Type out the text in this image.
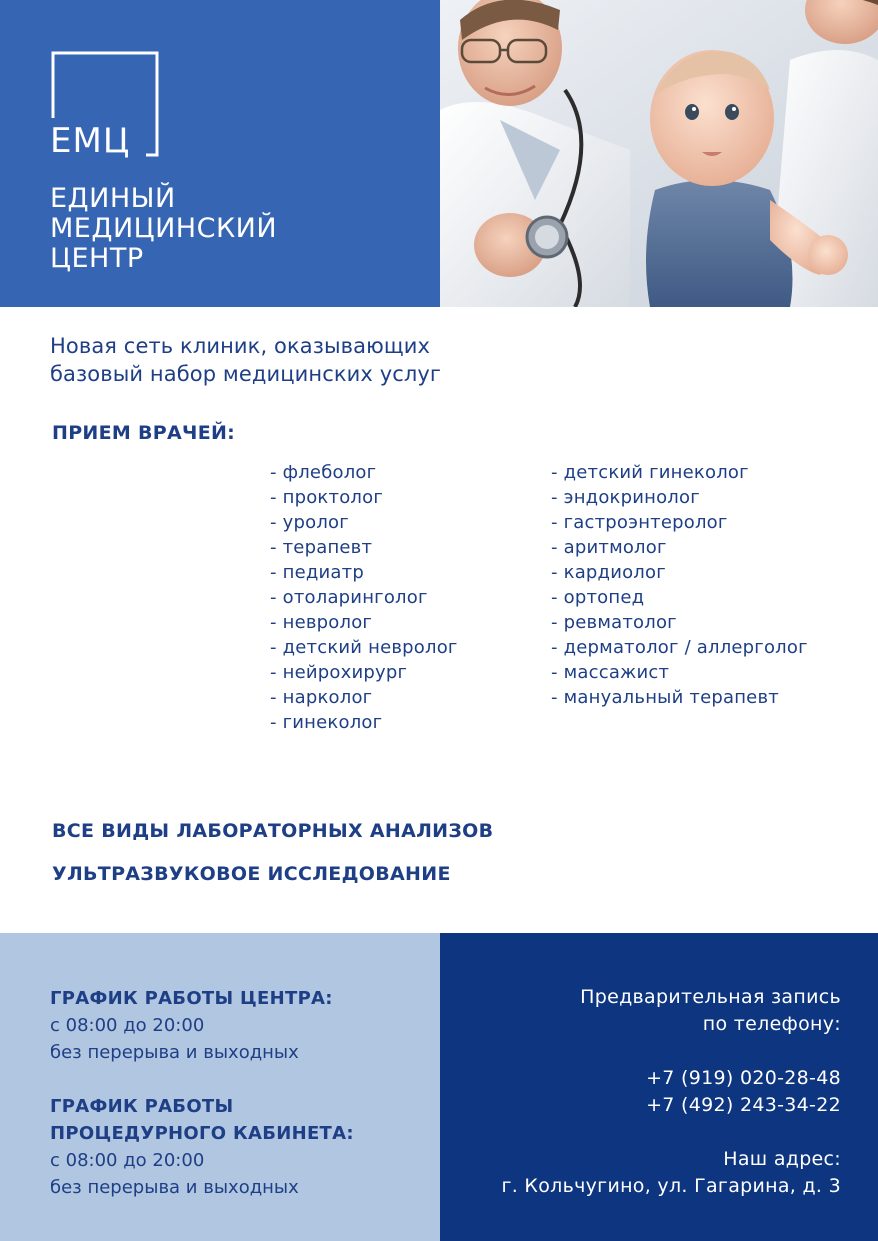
ЕМЦ
ЕДИНЫЙ
МЕДИЦИНСКИЙ
ЦЕНТР
Новая сеть клиник, оказывающих
базовый набор медицинских услуг
ПРИЕМ ВРАЧЕЙ:
- флеболог
- проктолог
- уролог
- терапевт
- педиатр
- отоларинголог
- невролог
- детский невролог
- нейрохирург
- нарколог
- гинеколог
- детский гинеколог
- эндокринолог
- гастроэнтеролог
- аритмолог
- кардиолог
- ортопед
- ревматолог
- дерматолог / аллерголог
- массажист
- мануальный терапевт
ВСЕ ВИДЫ ЛАБОРАТОРНЫХ АНАЛИЗОВ
УЛЬТРАЗВУКОВОЕ ИССЛЕДОВАНИЕ
ГРАФИК РАБОТЫ ЦЕНТРА:
с 08:00 до 20:00
без перерыва и выходных
ГРАФИК РАБОТЫ
ПРОЦЕДУРНОГО КАБИНЕТА:
с 08:00 до 20:00
без перерыва и выходных
Предварительная запись
по телефону:
+7 (919) 020-28-48
+7 (492) 243-34-22
Наш адрес:
г. Кольчугино, ул. Гагарина, д. 3
